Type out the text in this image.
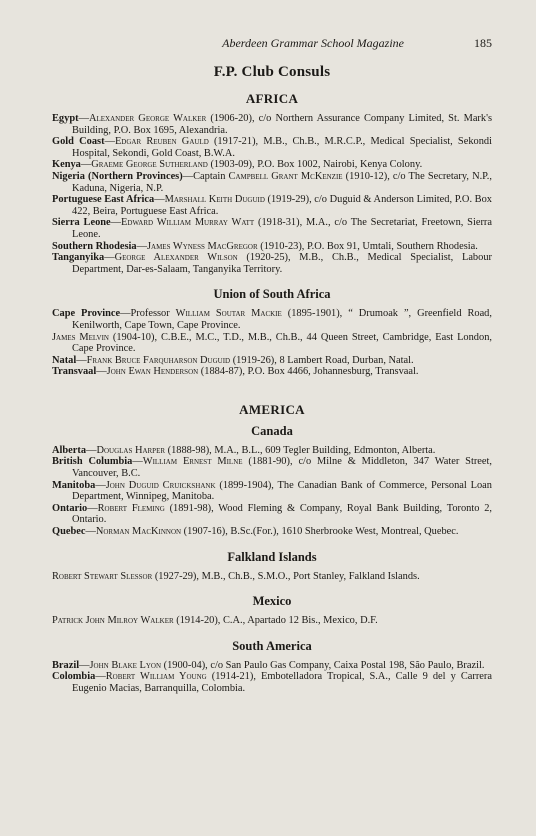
Aberdeen Grammar School Magazine	185
F.P. Club Consuls
AFRICA

Egypt—Alexander George Walker (1906-20), c/o Northern Assurance Company Limited, St. Mark's Building, P.O. Box 1695, Alexandria.

Gold Coast—Edgar Reuben Gauld (1917-21), M.B., Ch.B., M.R.C.P., Medical Specialist, Sekondi Hospital, Sekondi, Gold Coast, B.W.A.

Kenya—Graeme George Sutherland (1903-09), P.O. Box 1002, Nairobi, Kenya Colony.

Nigeria (Northern Provinces)—Captain Campbell Grant McKenzie (1910-12), c/o The Secretary, N.P., Kaduna, Nigeria, N.P.

Portuguese East Africa—Marshall Keith Duguid (1919-29), c/o Duguid & Anderson Limited, P.O. Box 422, Beira, Portuguese East Africa.

Sierra Leone—Edward William Murray Watt (1918-31), M.A., c/o The Secretariat, Freetown, Sierra Leone.

Southern Rhodesia—James Wyness MacGregor (1910-23), P.O. Box 91, Umtali, Southern Rhodesia.

Tanganyika—George Alexander Wilson (1920-25), M.B., Ch.B., Medical Specialist, Labour Department, Dar-es-Salaam, Tanganyika Territory.

Union of South Africa

Cape Province—Professor William Soutar Mackie (1895-1901), “ Drumoak ”, Greenfield Road, Kenilworth, Cape Town, Cape Province.

James Melvin (1904-10), C.B.E., M.C., T.D., M.B., Ch.B., 44 Queen Street, Cambridge, East London, Cape Province.

Natal—Frank Bruce Farquharson Duguid (1919-26), 8 Lambert Road, Durban, Natal.

Transvaal—John Ewan Henderson (1884-87), P.O. Box 4466, Johannesburg, Transvaal.

AMERICA
Canada

Alberta—Douglas Harper (1888-98), M.A., B.L., 609 Tegler Building, Edmonton, Alberta.

British Columbia—William Ernest Milne (1881-90), c/o Milne & Middleton, 347 Water Street, Vancouver, B.C.

Manitoba—John Duguid Cruickshank (1899-1904), The Canadian Bank of Commerce, Personal Loan Department, Winnipeg, Manitoba.

Ontario—Robert Fleming (1891-98), Wood Fleming & Company, Royal Bank Building, Toronto 2, Ontario.

Quebec—Norman MacKinnon (1907-16), B.Sc.(For.), 1610 Sherbrooke West, Montreal, Quebec.

Falkland Islands

Robert Stewart Slessor (1927-29), M.B., Ch.B., S.M.O., Port Stanley, Falkland Islands.

Mexico

Patrick John Milroy Walker (1914-20), C.A., Apartado 12 Bis., Mexico, D.F.

South America

Brazil—John Blake Lyon (1900-04), c/o San Paulo Gas Company, Caixa Postal 198, São Paulo, Brazil.

Colombia—Robert William Young (1914-21), Embotelladora Tropical, S.A., Calle 9 del y Carrera Eugenio Macias, Barranquilla, Colombia.
